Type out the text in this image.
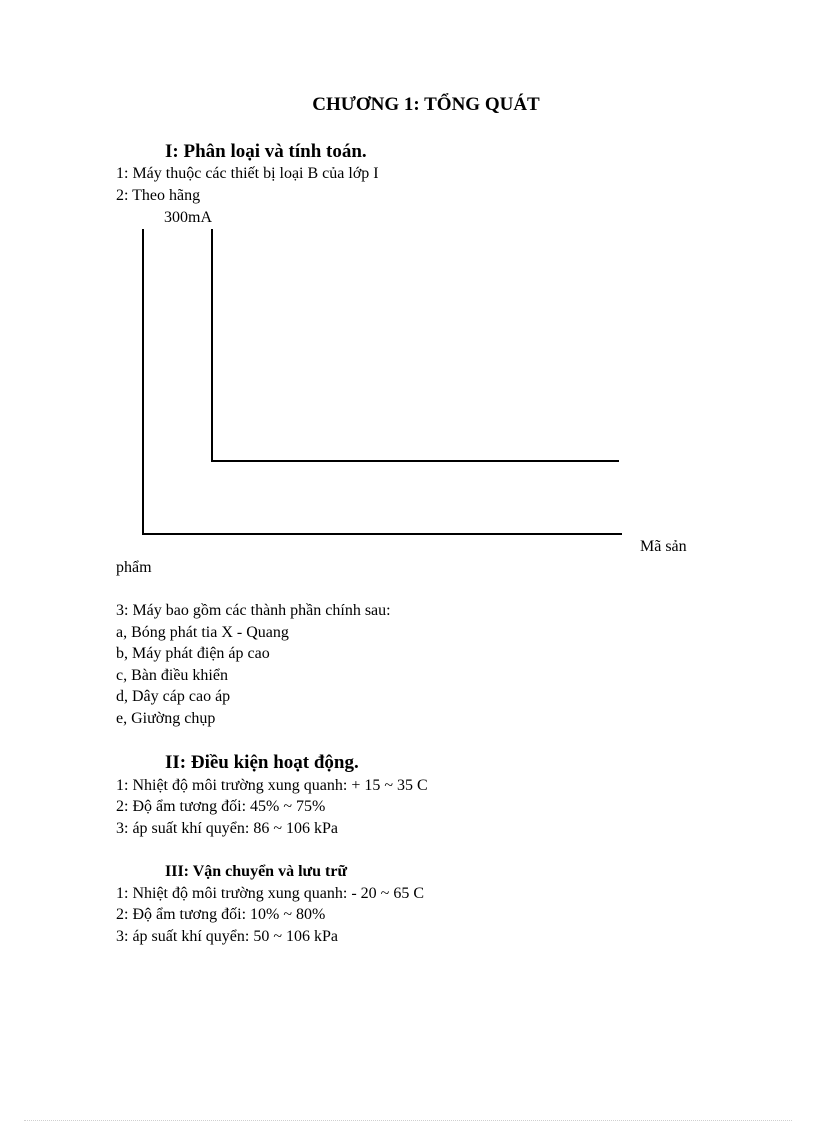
CHƯƠNG 1: TỔNG QUÁT
I: Phân loại và tính toán.
1: Máy thuộc các thiết bị loại B của lớp I
2: Theo hãng
300mA
Mã sản
phẩm
3: Máy bao gồm các thành phần chính sau:
a, Bóng phát tia X - Quang
b, Máy phát điện áp cao
c, Bàn điều khiển
d, Dây cáp cao áp
e, Giường chụp
II: Điều kiện hoạt động.
1: Nhiệt độ môi trường xung quanh: + 15 ~ 35 C
2: Độ ẩm tương đối: 45% ~ 75%
3: áp suất khí quyển: 86 ~ 106 kPa
III: Vận chuyển và lưu trữ
1: Nhiệt độ môi trường xung quanh: - 20 ~ 65 C
2: Độ ẩm tương đối: 10% ~ 80%
3: áp suất khí quyển: 50 ~ 106 kPa
